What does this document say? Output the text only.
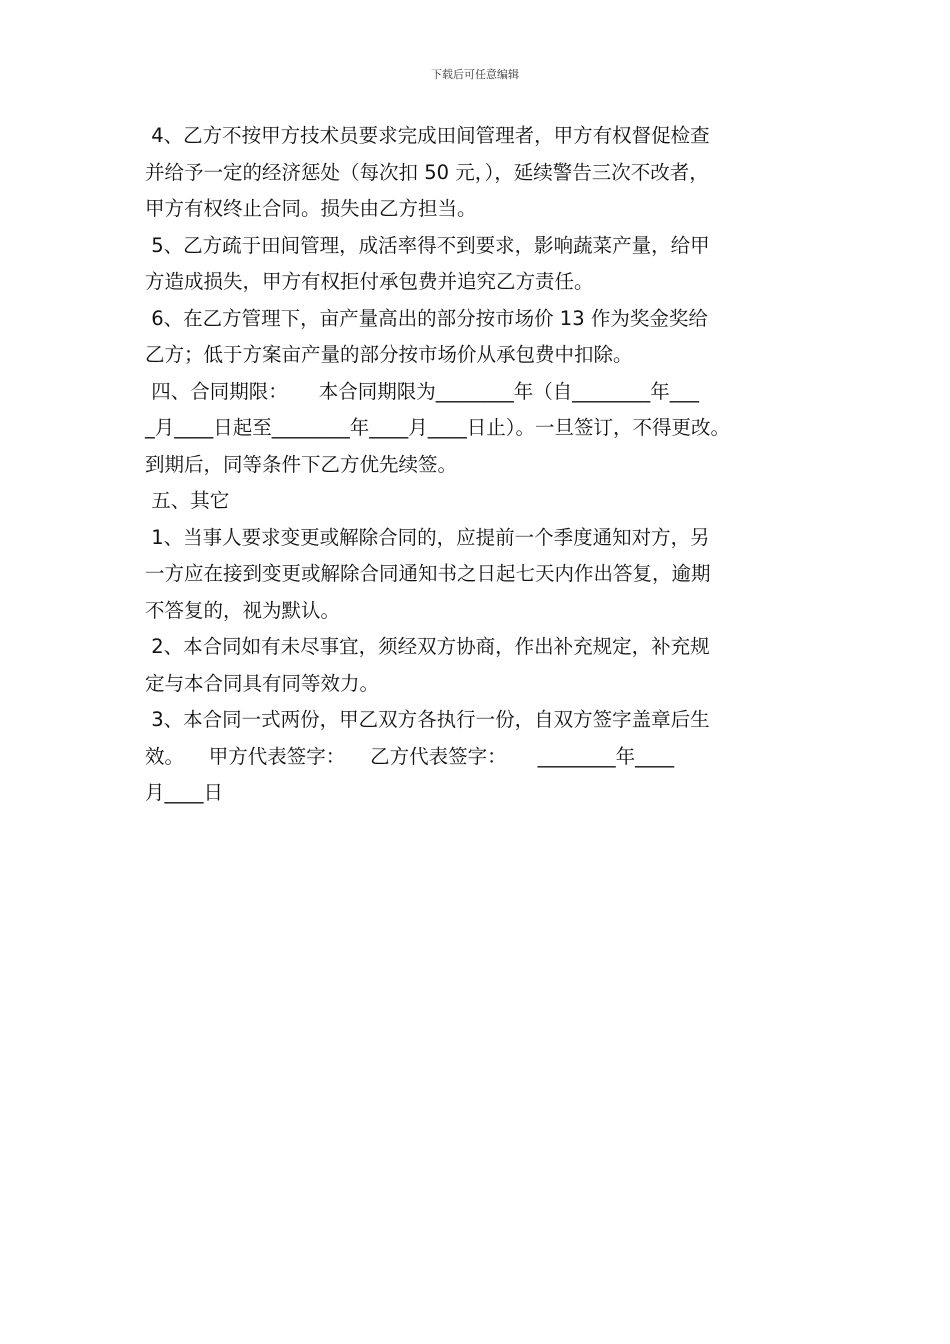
下载后可任意编辑
4、乙方不按甲方技术员要求完成田间管理者，甲方有权督促检查
并给予一定的经济惩处（每次扣 50 元，），延续警告三次不改者，
甲方有权终止合同。损失由乙方担当。
5、乙方疏于田间管理，成活率得不到要求，影响蔬菜产量，给甲
方造成损失，甲方有权拒付承包费并追究乙方责任。
6、在乙方管理下，亩产量高出的部分按市场价 13 作为奖金奖给
乙方；低于方案亩产量的部分按市场价从承包费中扣除。
四、合同期限：     本合同期限为________年（自________年___
_月____日起至________年____月____日止）。一旦签订，不得更改。
到期后，同等条件下乙方优先续签。
五、其它
1、当事人要求变更或解除合同的，应提前一个季度通知对方，另
一方应在接到变更或解除合同通知书之日起七天内作出答复，逾期
不答复的，视为默认。
2、本合同如有未尽事宜，须经双方协商，作出补充规定，补充规
定与本合同具有同等效力。
3、本合同一式两份，甲乙双方各执行一份，自双方签字盖章后生
效。    甲方代表签字：    乙方代表签字：     ________年____
月____日
